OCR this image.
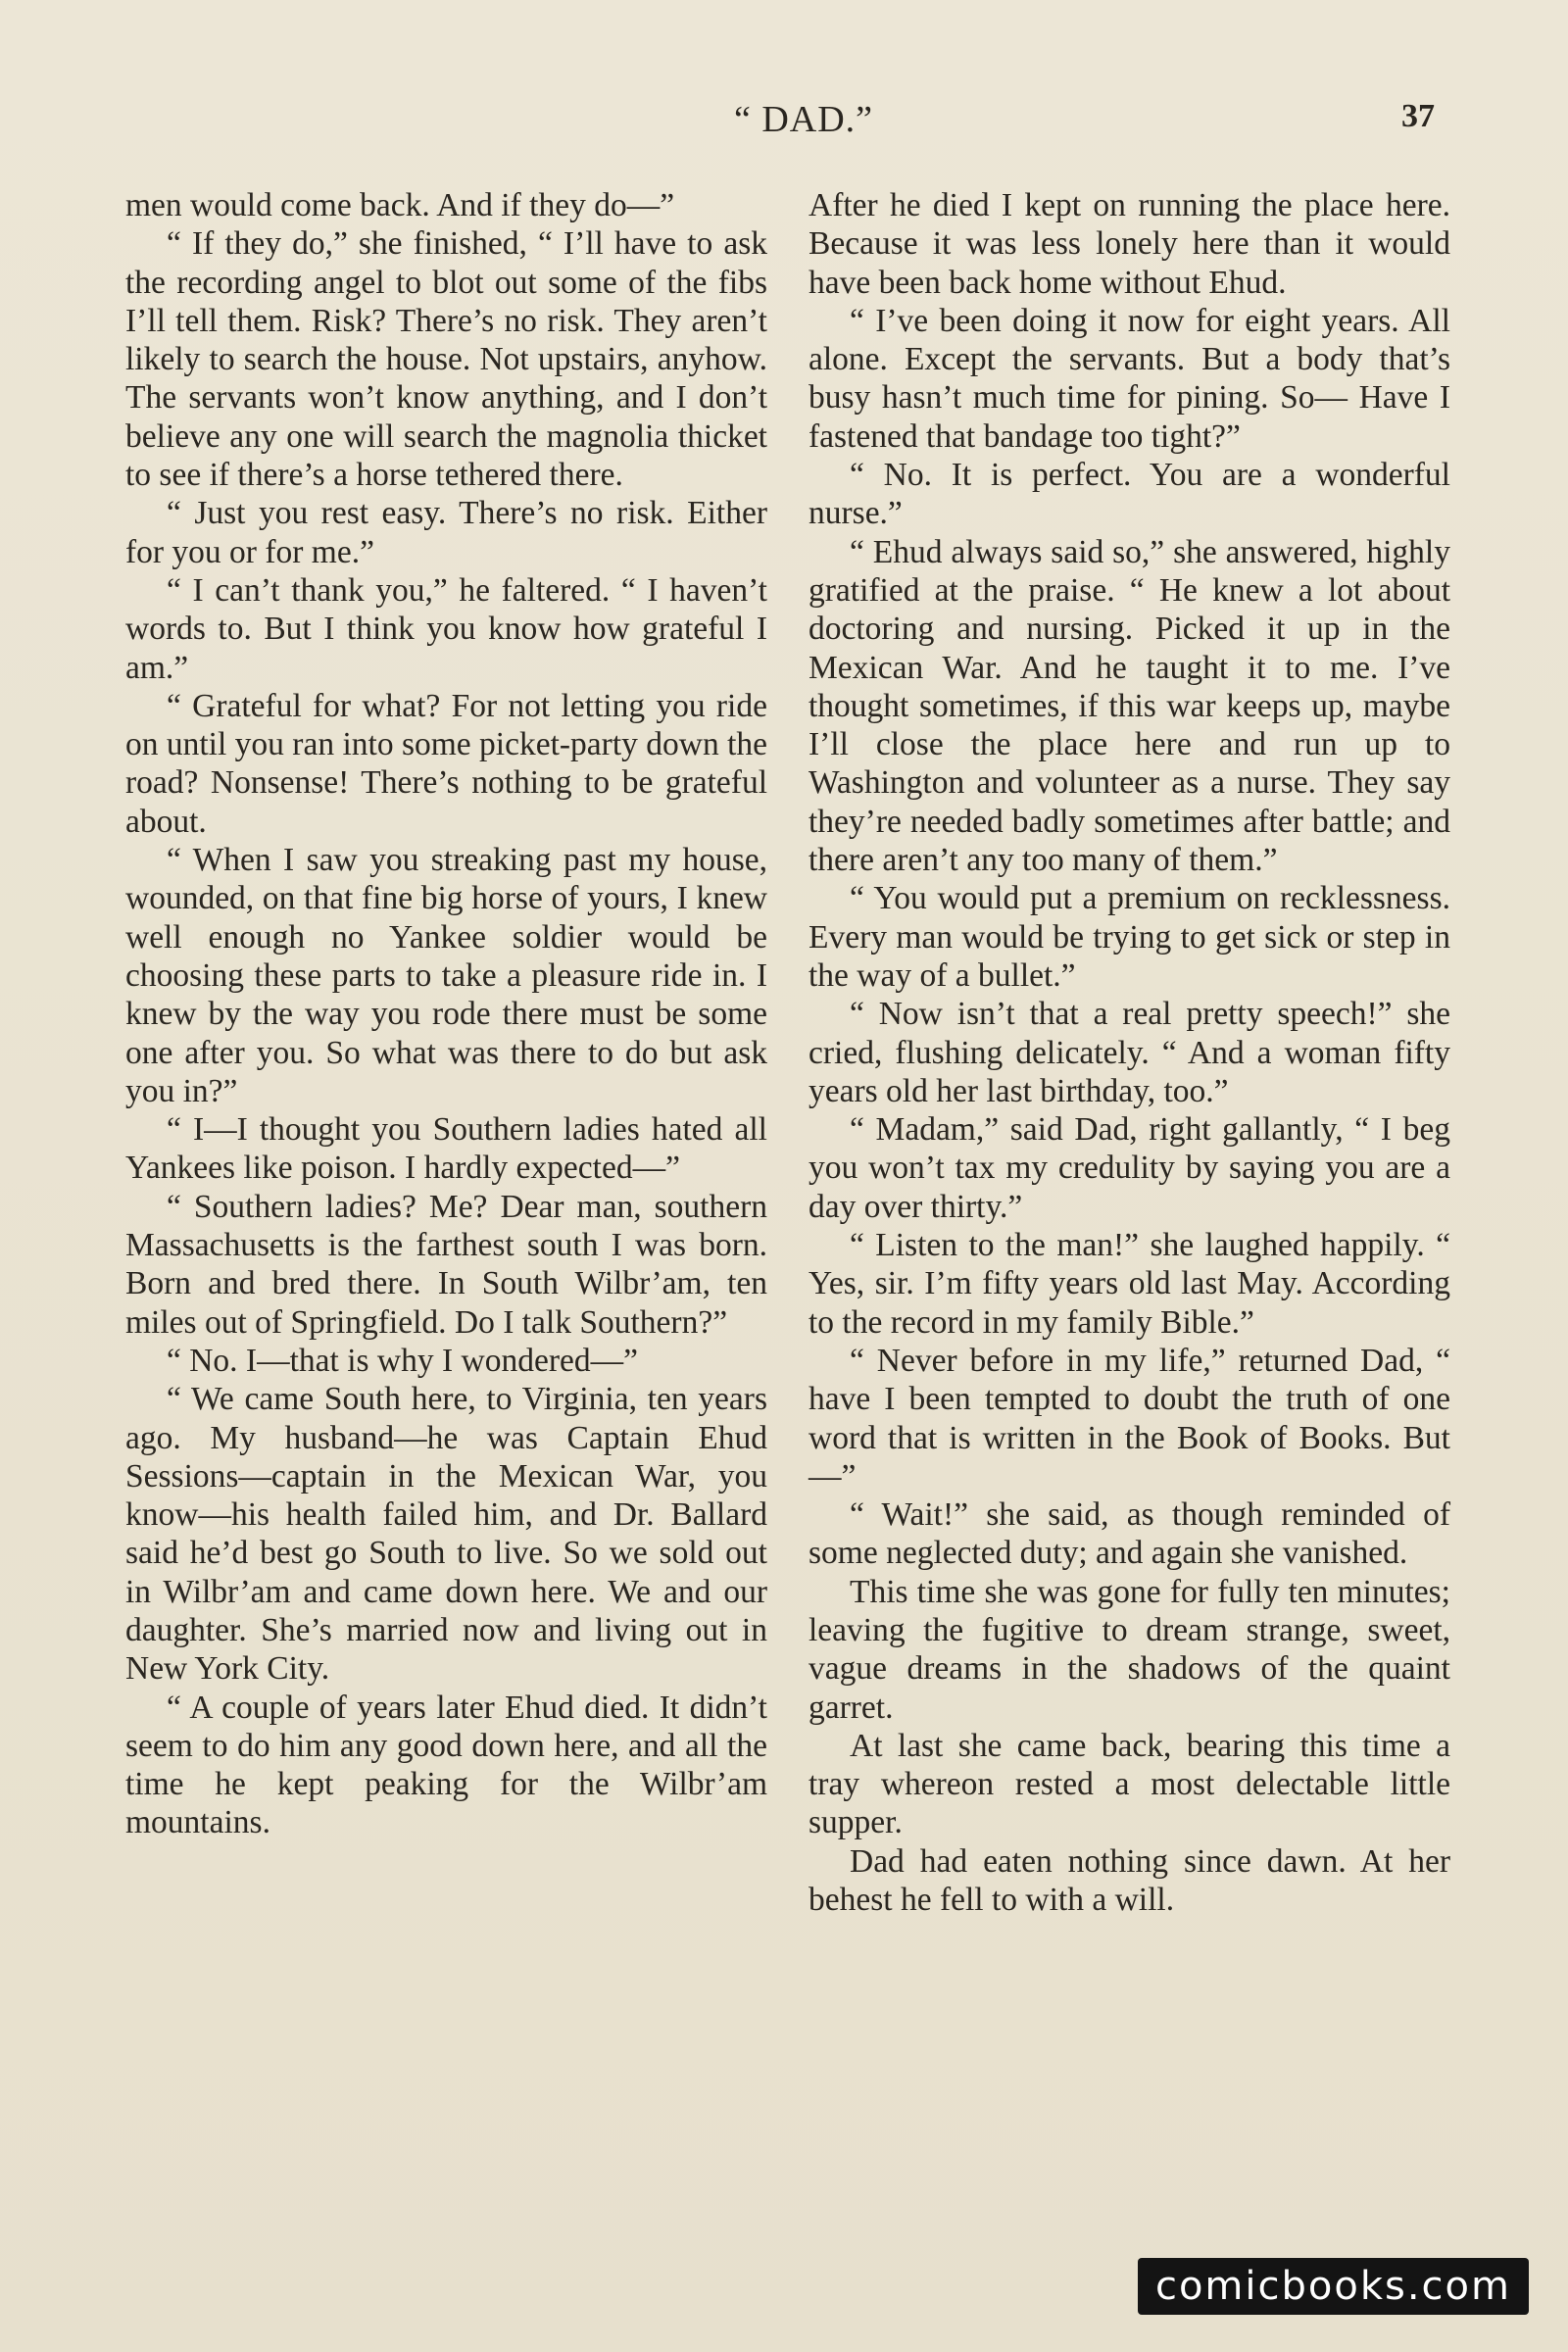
“ DAD.”	37

men would come back. And if they do—”

“ If they do,” she finished, “ I’ll have to ask the recording angel to blot out some of the fibs I’ll tell them. Risk? There’s no risk. They aren’t likely to search the house. Not upstairs, anyhow. The servants won’t know anything, and I don’t believe any one will search the magnolia thicket to see if there’s a horse tethered there.

“ Just you rest easy. There’s no risk. Either for you or for me.”

“ I can’t thank you,” he faltered. “ I haven’t words to. But I think you know how grateful I am.”

“ Grateful for what? For not letting you ride on until you ran into some picket-party down the road? Nonsense! There’s nothing to be grateful about.

“ When I saw you streaking past my house, wounded, on that fine big horse of yours, I knew well enough no Yankee soldier would be choosing these parts to take a pleasure ride in. I knew by the way you rode there must be some one after you. So what was there to do but ask you in?”

“ I—I thought you Southern ladies hated all Yankees like poison. I hardly expected—”

“ Southern ladies? Me? Dear man, southern Massachusetts is the farthest south I was born. Born and bred there. In South Wilbr’am, ten miles out of Springfield. Do I talk Southern?”

“ No. I—that is why I wondered—”

“ We came South here, to Virginia, ten years ago. My husband—he was Captain Ehud Sessions—captain in the Mexican War, you know—his health failed him, and Dr. Ballard said he’d best go South to live. So we sold out in Wilbr’am and came down here. We and our daughter. She’s married now and living out in New York City.

“ A couple of years later Ehud died. It didn’t seem to do him any good down here, and all the time he kept peaking for the Wilbr’am mountains.

After he died I kept on running the place here. Because it was less lonely here than it would have been back home without Ehud.

“ I’ve been doing it now for eight years. All alone. Except the servants. But a body that’s busy hasn’t much time for pining. So— Have I fastened that bandage too tight?”

“ No. It is perfect. You are a wonderful nurse.”

“ Ehud always said so,” she answered, highly gratified at the praise. “ He knew a lot about doctoring and nursing. Picked it up in the Mexican War. And he taught it to me. I’ve thought sometimes, if this war keeps up, maybe I’ll close the place here and run up to Washington and volunteer as a nurse. They say they’re needed badly sometimes after battle; and there aren’t any too many of them.”

“ You would put a premium on recklessness. Every man would be trying to get sick or step in the way of a bullet.”

“ Now isn’t that a real pretty speech!” she cried, flushing delicately. “ And a woman fifty years old her last birthday, too.”

“ Madam,” said Dad, right gallantly, “ I beg you won’t tax my credulity by saying you are a day over thirty.”

“ Listen to the man!” she laughed happily. “ Yes, sir. I’m fifty years old last May. According to the record in my family Bible.”

“ Never before in my life,” returned Dad, “ have I been tempted to doubt the truth of one word that is written in the Book of Books. But—”

“ Wait!” she said, as though reminded of some neglected duty; and again she vanished.

This time she was gone for fully ten minutes; leaving the fugitive to dream strange, sweet, vague dreams in the shadows of the quaint garret.

At last she came back, bearing this time a tray whereon rested a most delectable little supper.

Dad had eaten nothing since dawn. At her behest he fell to with a will.

comicbooks.com
